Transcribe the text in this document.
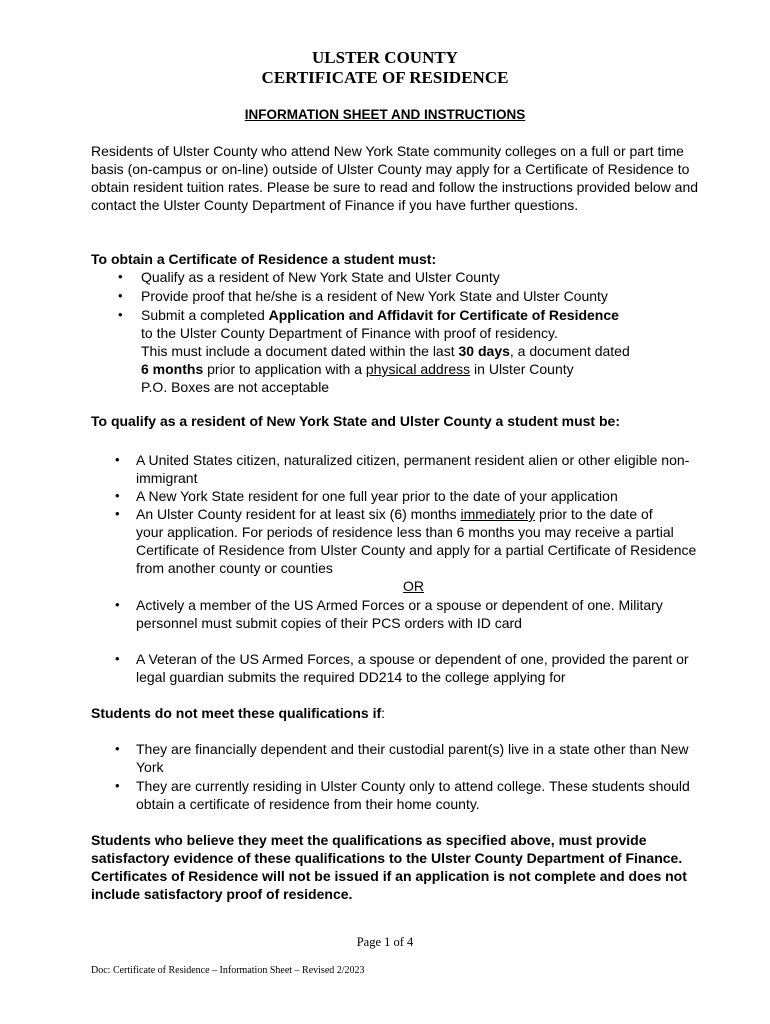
ULSTER COUNTY
CERTIFICATE OF RESIDENCE
INFORMATION SHEET AND INSTRUCTIONS
Residents of Ulster County who attend New York State community colleges on a full or part time basis (on-campus or on-line) outside of Ulster County may apply for a Certificate of Residence to obtain resident tuition rates. Please be sure to read and follow the instructions provided below and contact the Ulster County Department of Finance if you have further questions.
To obtain a Certificate of Residence a student must:
• Qualify as a resident of New York State and Ulster County
• Provide proof that he/she is a resident of New York State and Ulster County
• Submit a completed Application and Affidavit for Certificate of Residence
to the Ulster County Department of Finance with proof of residency.
This must include a document dated within the last 30 days, a document dated
6 months prior to application with a physical address in Ulster County
P.O. Boxes are not acceptable
To qualify as a resident of New York State and Ulster County a student must be:
• A United States citizen, naturalized citizen, permanent resident alien or other eligible non-immigrant
• A New York State resident for one full year prior to the date of your application
• An Ulster County resident for at least six (6) months immediately prior to the date of
your application. For periods of residence less than 6 months you may receive a partial Certificate of Residence from Ulster County and apply for a partial Certificate of Residence from another county or counties
OR
• Actively a member of the US Armed Forces or a spouse or dependent of one. Military personnel must submit copies of their PCS orders with ID card
• A Veteran of the US Armed Forces, a spouse or dependent of one, provided the parent or legal guardian submits the required DD214 to the college applying for
Students do not meet these qualifications if:
• They are financially dependent and their custodial parent(s) live in a state other than New York
• They are currently residing in Ulster County only to attend college. These students should obtain a certificate of residence from their home county.
Students who believe they meet the qualifications as specified above, must provide satisfactory evidence of these qualifications to the Ulster County Department of Finance. Certificates of Residence will not be issued if an application is not complete and does not include satisfactory proof of residence.
Page 1 of 4
Doc: Certificate of Residence – Information Sheet – Revised 2/2023
